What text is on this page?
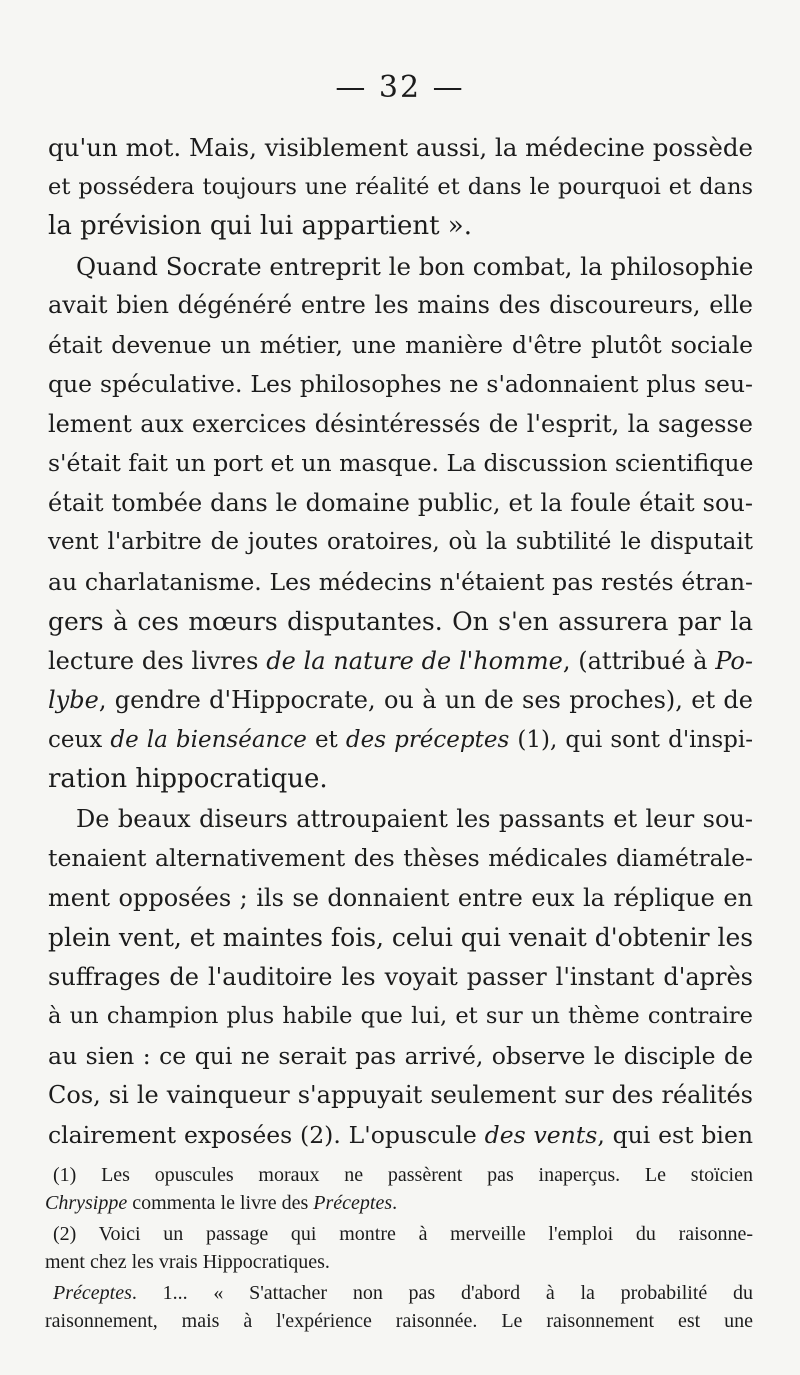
— 32 —
qu'un mot. Mais, visiblement aussi, la médecine possède
et possédera toujours une réalité et dans le pourquoi et dans
la prévision qui lui appartient ».
Quand Socrate entreprit le bon combat, la philosophie
avait bien dégénéré entre les mains des discoureurs, elle
était devenue un métier, une manière d'être plutôt sociale
que spéculative. Les philosophes ne s'adonnaient plus seu-
lement aux exercices désintéressés de l'esprit, la sagesse
s'était fait un port et un masque. La discussion scientifique
était tombée dans le domaine public, et la foule était sou-
vent l'arbitre de joutes oratoires, où la subtilité le disputait
au charlatanisme. Les médecins n'étaient pas restés étran-
gers à ces mœurs disputantes. On s'en assurera par la
lecture des livres de la nature de l'homme, (attribué à Po-
lybe, gendre d'Hippocrate, ou à un de ses proches), et de
ceux de la bienséance et des préceptes (1), qui sont d'inspi-
ration hippocratique.
De beaux diseurs attroupaient les passants et leur sou-
tenaient alternativement des thèses médicales diamétrale-
ment opposées ; ils se donnaient entre eux la réplique en
plein vent, et maintes fois, celui qui venait d'obtenir les
suffrages de l'auditoire les voyait passer l'instant d'après
à un champion plus habile que lui, et sur un thème contraire
au sien : ce qui ne serait pas arrivé, observe le disciple de
Cos, si le vainqueur s'appuyait seulement sur des réalités
clairement exposées (2). L'opuscule des vents, qui est bien
(1) Les opuscules moraux ne passèrent pas inaperçus. Le stoïcien
Chrysippe commenta le livre des Préceptes.
(2) Voici un passage qui montre à merveille l'emploi du raisonne-
ment chez les vrais Hippocratiques.
Préceptes. 1... « S'attacher non pas d'abord à la probabilité du
raisonnement, mais à l'expérience raisonnée. Le raisonnement est une
